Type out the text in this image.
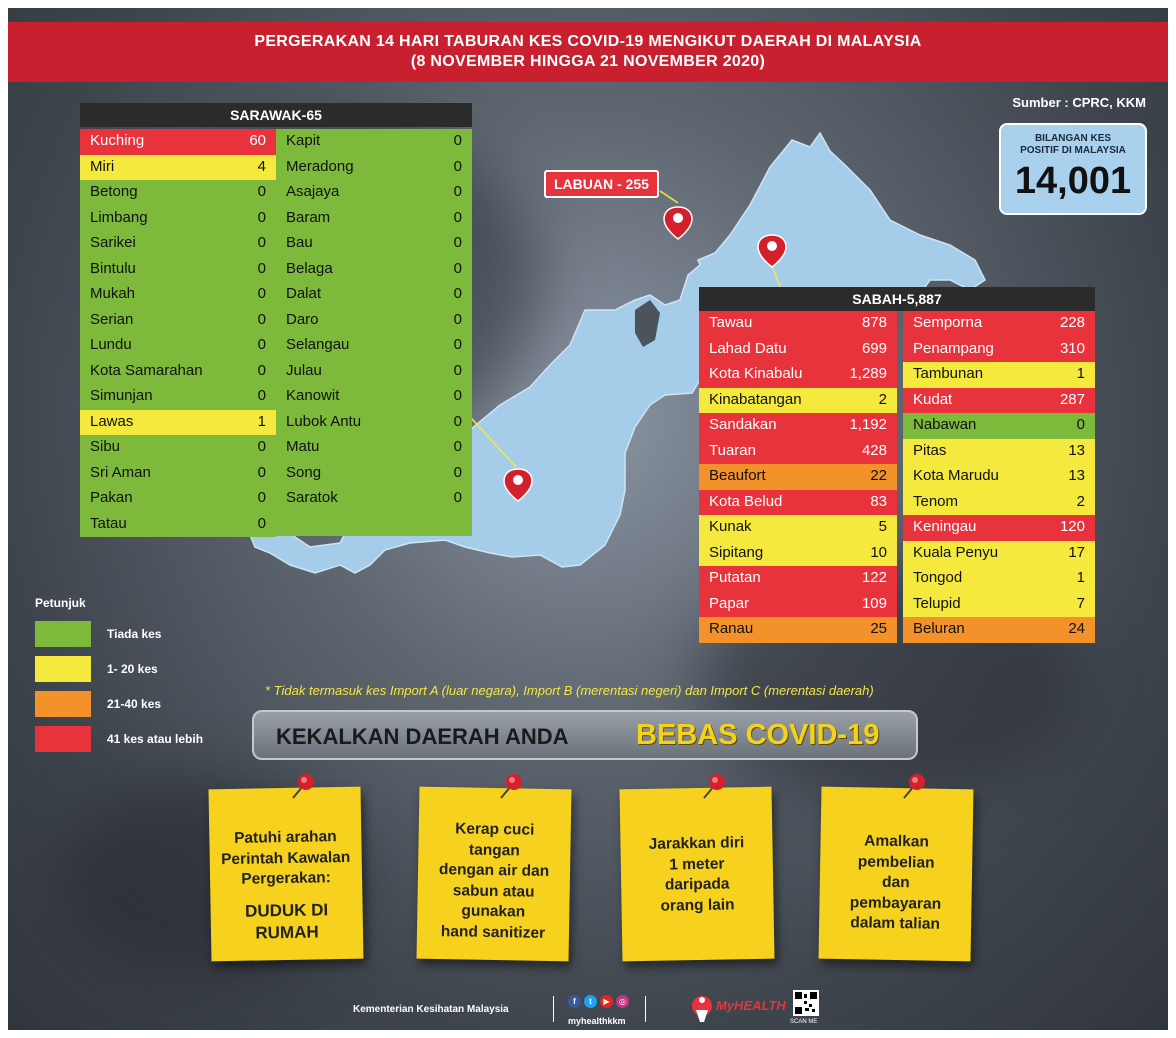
PERGERAKAN 14 HARI TABURAN KES COVID-19 MENGIKUT DAERAH DI MALAYSIA
(8 NOVEMBER HINGGA 21 NOVEMBER 2020)
Sumber : CPRC, KKM
BILANGAN KES
POSITIF DI MALAYSIA
14,001
LABUAN - 255
SARAWAK-65
Kuching	60
Miri	4
Betong	0
Limbang	0
Sarikei	0
Bintulu	0
Mukah	0
Serian	0
Lundu	0
Kota Samarahan	0
Simunjan	0
Lawas	1
Sibu	0
Sri Aman	0
Pakan	0
Tatau	0
Kapit	0
Meradong	0
Asajaya	0
Baram	0
Bau	0
Belaga	0
Dalat	0
Daro	0
Selangau	0
Julau	0
Kanowit	0
Lubok Antu	0
Matu	0
Song	0
Saratok	0
SABAH-5,887
Tawau	878
Lahad Datu	699
Kota Kinabalu	1,289
Kinabatangan	2
Sandakan	1,192
Tuaran	428
Beaufort	22
Kota Belud	83
Kunak	5
Sipitang	10
Putatan	122
Papar	109
Ranau	25
Semporna	228
Penampang	310
Tambunan	1
Kudat	287
Nabawan	0
Pitas	13
Kota Marudu	13
Tenom	2
Keningau	120
Kuala Penyu	17
Tongod	1
Telupid	7
Beluran	24
Petunjuk
Tiada kes
1- 20 kes
21-40 kes
41 kes atau lebih
* Tidak termasuk kes Import A (luar negara), Import B (merentasi negeri) dan Import C (merentasi daerah)
KEKALKAN DAERAH ANDA BEBAS COVID-19
Patuhi arahan
Perintah Kawalan
Pergerakan:
DUDUK DI
RUMAH
Kerap cuci
tangan
dengan air dan
sabun atau
gunakan
hand sanitizer
Jarakkan diri
1 meter
daripada
orang lain
Amalkan
pembelian
dan
pembayaran
dalam talian
Kementerian Kesihatan Malaysia
f	t	▶	◎
myhealthkkm
MyHEALTH
SCAN ME
